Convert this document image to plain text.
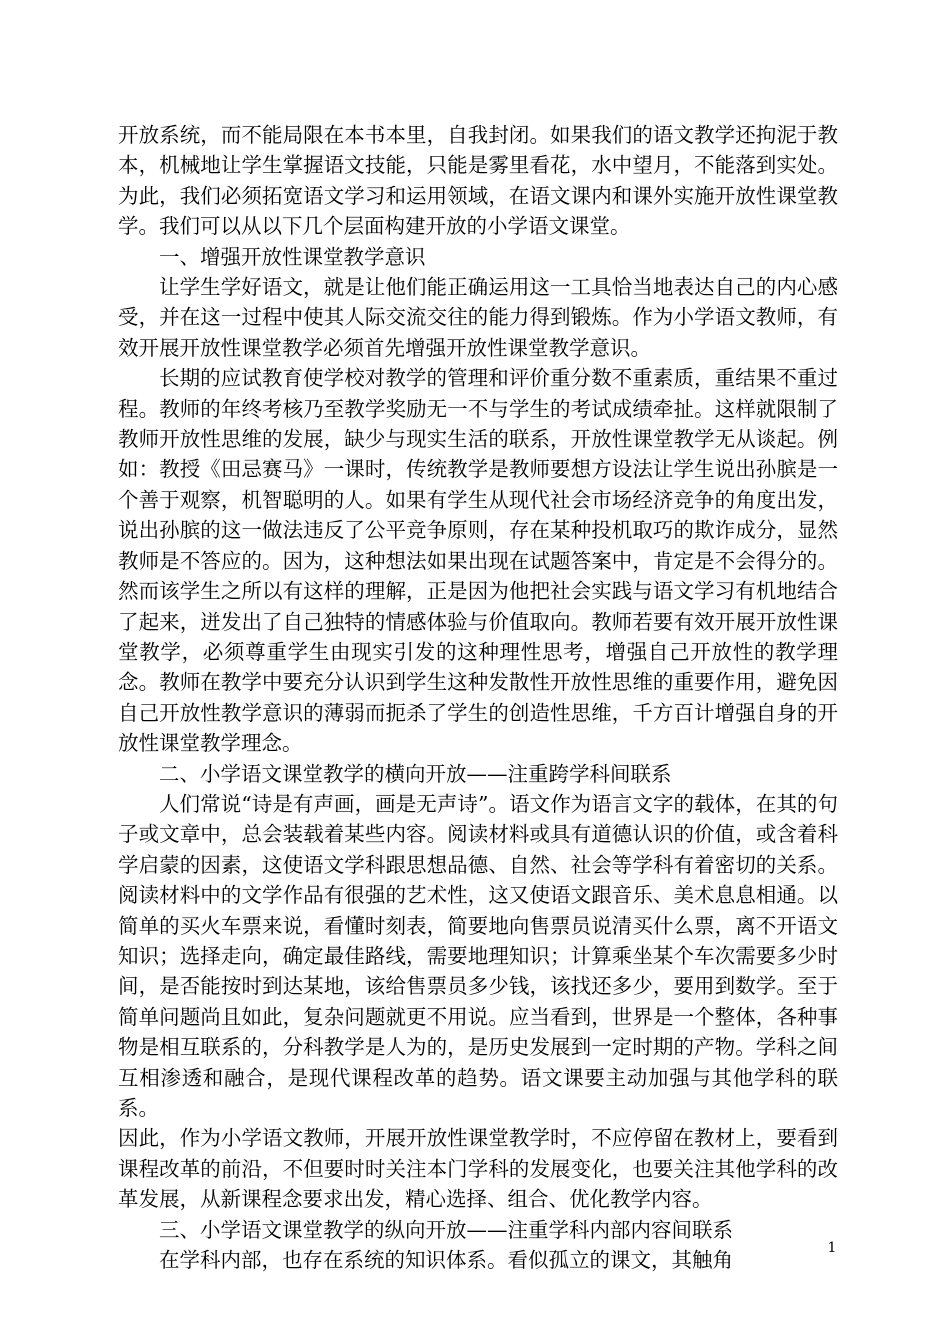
开放系统，而不能局限在本书本里，自我封闭。如果我们的语文教学还拘泥于教本，机械地让学生掌握语文技能，只能是雾里看花，水中望月，不能落到实处。为此，我们必须拓宽语文学习和运用领域，在语文课内和课外实施开放性课堂教学。我们可以从以下几个层面构建开放的小学语文课堂。

一、增强开放性课堂教学意识

让学生学好语文，就是让他们能正确运用这一工具恰当地表达自己的内心感受，并在这一过程中使其人际交流交往的能力得到锻炼。作为小学语文教师，有效开展开放性课堂教学必须首先增强开放性课堂教学意识。

长期的应试教育使学校对教学的管理和评价重分数不重素质，重结果不重过程。教师的年终考核乃至教学奖励无一不与学生的考试成绩牵扯。这样就限制了教师开放性思维的发展，缺少与现实生活的联系，开放性课堂教学无从谈起。例如：教授《田忌赛马》一课时，传统教学是教师要想方设法让学生说出孙膑是一个善于观察，机智聪明的人。如果有学生从现代社会市场经济竞争的角度出发，说出孙膑的这一做法违反了公平竞争原则，存在某种投机取巧的欺诈成分，显然教师是不答应的。因为，这种想法如果出现在试题答案中，肯定是不会得分的。然而该学生之所以有这样的理解，正是因为他把社会实践与语文学习有机地结合了起来，迸发出了自己独特的情感体验与价值取向。教师若要有效开展开放性课堂教学，必须尊重学生由现实引发的这种理性思考，增强自己开放性的教学理念。教师在教学中要充分认识到学生这种发散性开放性思维的重要作用，避免因自己开放性教学意识的薄弱而扼杀了学生的创造性思维，千方百计增强自身的开放性课堂教学理念。

二、小学语文课堂教学的横向开放——注重跨学科间联系

人们常说“诗是有声画，画是无声诗”。语文作为语言文字的载体，在其的句子或文章中，总会装载着某些内容。阅读材料或具有道德认识的价值，或含着科学启蒙的因素，这使语文学科跟思想品德、自然、社会等学科有着密切的关系。阅读材料中的文学作品有很强的艺术性，这又使语文跟音乐、美术息息相通。以简单的买火车票来说，看懂时刻表，简要地向售票员说清买什么票，离不开语文知识；选择走向，确定最佳路线，需要地理知识；计算乘坐某个车次需要多少时间，是否能按时到达某地，该给售票员多少钱，该找还多少，要用到数学。至于简单问题尚且如此，复杂问题就更不用说。应当看到，世界是一个整体，各种事物是相互联系的，分科教学是人为的，是历史发展到一定时期的产物。学科之间互相渗透和融合，是现代课程改革的趋势。语文课要主动加强与其他学科的联系。

因此，作为小学语文教师，开展开放性课堂教学时，不应停留在教材上，要看到课程改革的前沿，不但要时时关注本门学科的发展变化，也要关注其他学科的改革发展，从新课程念要求出发，精心选择、组合、优化教学内容。

三、小学语文课堂教学的纵向开放——注重学科内部内容间联系

在学科内部，也存在系统的知识体系。看似孤立的课文，其触角

1
